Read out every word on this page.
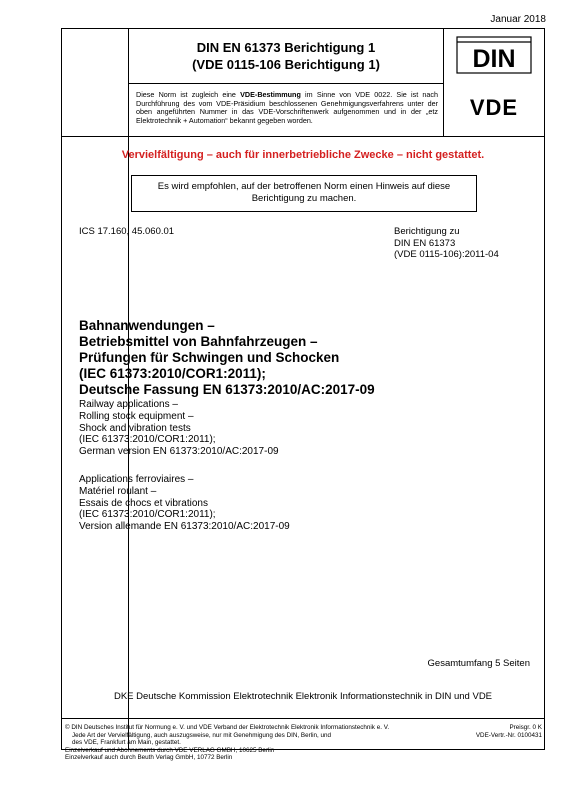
Januar 2018
DIN EN 61373 Berichtigung 1
(VDE 0115-106 Berichtigung 1)	DIN
VDE
Diese Norm ist zugleich eine VDE-Bestimmung im Sinne von VDE 0022. Sie ist nach Durchführung des vom VDE-Präsidium beschlossenen Genehmigungsverfahrens unter der oben angeführten Nummer in das VDE-Vorschriftenwerk aufgenommen und in der „etz Elektrotechnik + Automation“ bekannt gegeben worden.
Vervielfältigung – auch für innerbetriebliche Zwecke – nicht gestattet.
Es wird empfohlen, auf der betroffenen Norm einen Hinweis auf diese Berichtigung zu machen.
ICS 17.160, 45.060.01	Berichtigung zu
DIN EN 61373
(VDE 0115-106):2011-04
Bahnanwendungen –
Betriebsmittel von Bahnfahrzeugen –
Prüfungen für Schwingen und Schocken
(IEC 61373:2010/COR1:2011);
Deutsche Fassung EN 61373:2010/AC:2017-09
Railway applications –
Rolling stock equipment –
Shock and vibration tests
(IEC 61373:2010/COR1:2011);
German version EN 61373:2010/AC:2017-09
Applications ferroviaires –
Matériel roulant –
Essais de chocs et vibrations
(IEC 61373:2010/COR1:2011);
Version allemande EN 61373:2010/AC:2017-09
Gesamtumfang 5 Seiten
DKE Deutsche Kommission Elektrotechnik Elektronik Informationstechnik in DIN und VDE
© DIN Deutsches Institut für Normung e. V. und VDE Verband der Elektrotechnik Elektronik Informationstechnik e. V.
Jede Art der Vervielfältigung, auch auszugsweise, nur mit Genehmigung des DIN, Berlin, und
des VDE, Frankfurt am Main, gestattet.
Einzelverkauf und Abonnements durch VDE VERLAG GMBH, 10625 Berlin
Einzelverkauf auch durch Beuth Verlag GmbH, 10772 Berlin
Preisgr. 0 K
VDE-Vertr.-Nr. 0100431
